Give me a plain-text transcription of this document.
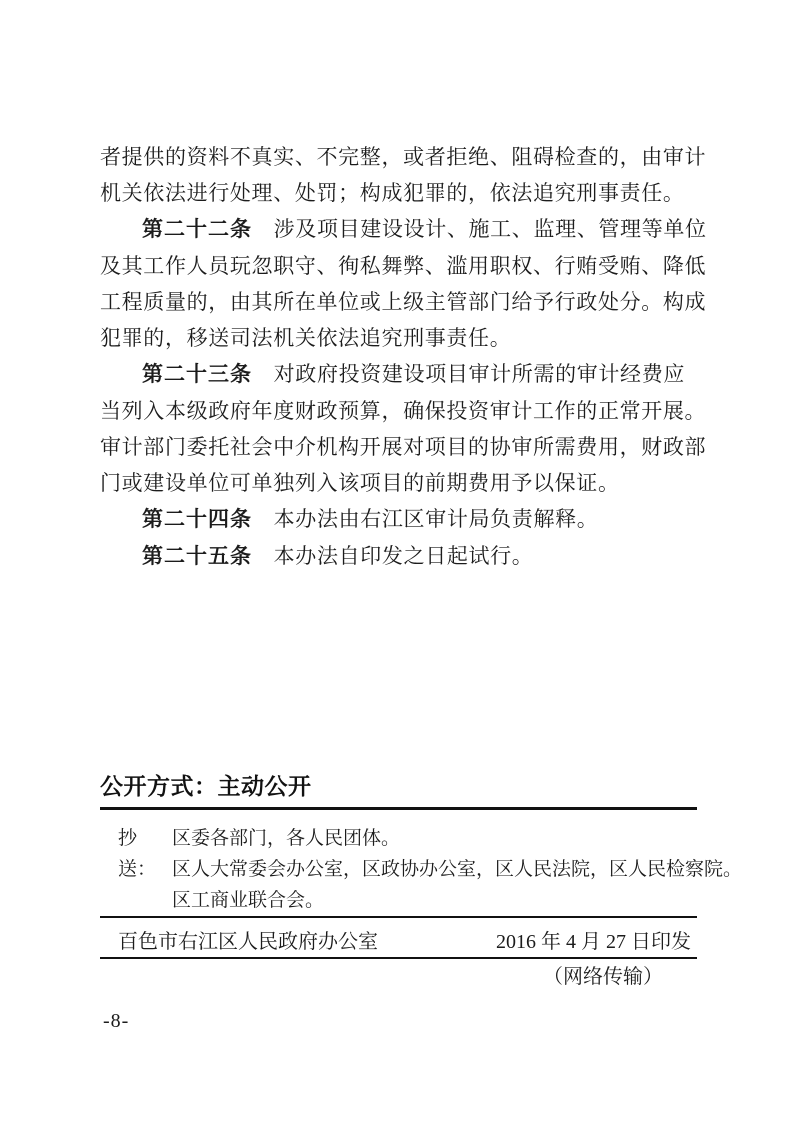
者提供的资料不真实、不完整，或者拒绝、阻碍检查的，由审计
机关依法进行处理、处罚；构成犯罪的，依法追究刑事责任。
第二十二条　 涉及项目建设设计、施工、监理、管理等单位
及其工作人员玩忽职守、徇私舞弊、滥用职权、行贿受贿、降低
工程质量的，由其所在单位或上级主管部门给予行政处分。构成
犯罪的，移送司法机关依法追究刑事责任。
第二十三条　 对政府投资建设项目审计所需的审计经费应
当列入本级政府年度财政预算，确保投资审计工作的正常开展。
审计部门委托社会中介机构开展对项目的协审所需费用，财政部
门或建设单位可单独列入该项目的前期费用予以保证。
第二十四条　 本办法由右江区审计局负责解释。
第二十五条　 本办法自印发之日起试行。
公开方式：主动公开
抄送：
区委各部门，各人民团体。
区人大常委会办公室，区政协办公室，区人民法院，区人民检察院。
区工商业联合会。
百色市右江区人民政府办公室	2016 年 4 月 27 日印发
（网络传输）
-8-
